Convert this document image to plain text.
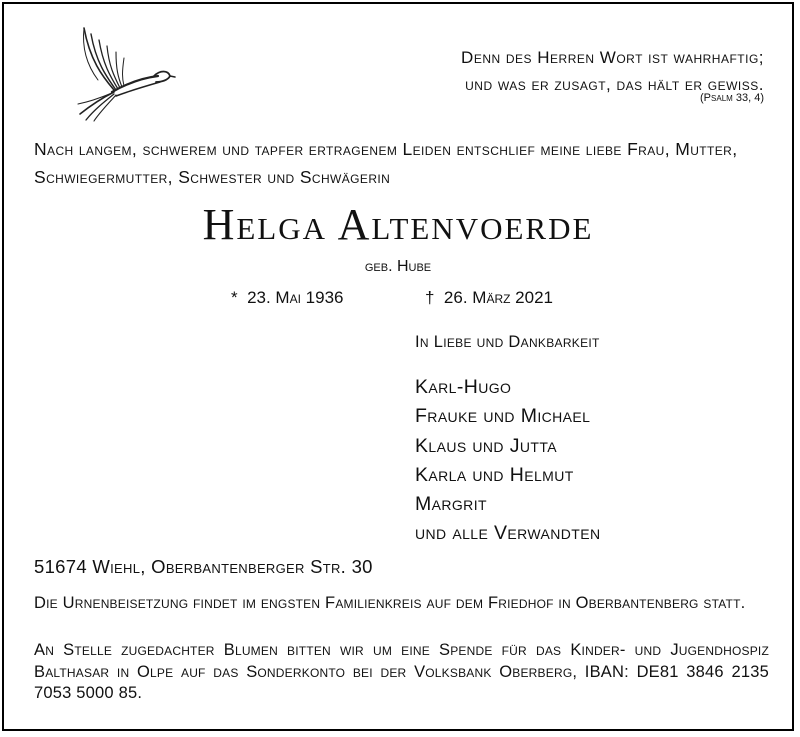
Denn des Herren Wort ist wahrhaftig;
und was er zusagt, das hält er gewiss.
(Psalm 33, 4)
Nach langem, schwerem und tapfer ertragenem Leiden entschlief meine liebe Frau, Mutter, Schwiegermutter, Schwester und Schwägerin
Helga Altenvoerde
geb. Hube
* 23. Mai 1936	† 26. März 2021
In Liebe und Dankbarkeit
Karl-Hugo
Frauke und Michael
Klaus und Jutta
Karla und Helmut
Margrit
und alle Verwandten
51674 Wiehl, Oberbantenberger Str. 30
Die Urnenbeisetzung findet im engsten Familienkreis auf dem Friedhof in Oberbantenberg statt.
An Stelle zugedachter Blumen bitten wir um eine Spende für das Kinder- und Jugendhospiz Balthasar in Olpe auf das Sonderkonto bei der Volksbank Oberberg, IBAN: DE81 3846 2135 7053 5000 85.
